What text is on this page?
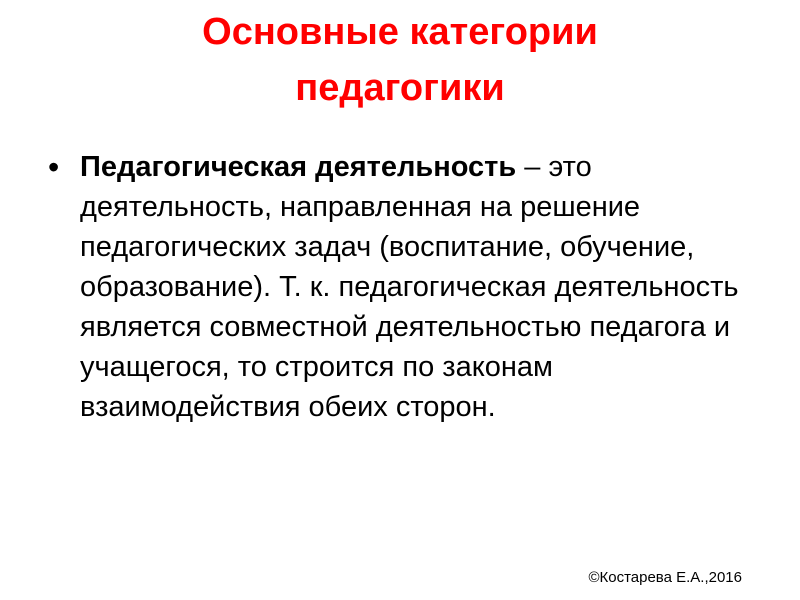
Основные категории
педагогики
• Педагогическая деятельность – это деятельность, направленная на решение педагогических задач (воспитание, обучение, образование). Т. к. педагогическая деятельность является совместной деятельностью педагога и учащегося, то строится по законам взаимодействия обеих сторон.
©Костарева Е.А.,2016
